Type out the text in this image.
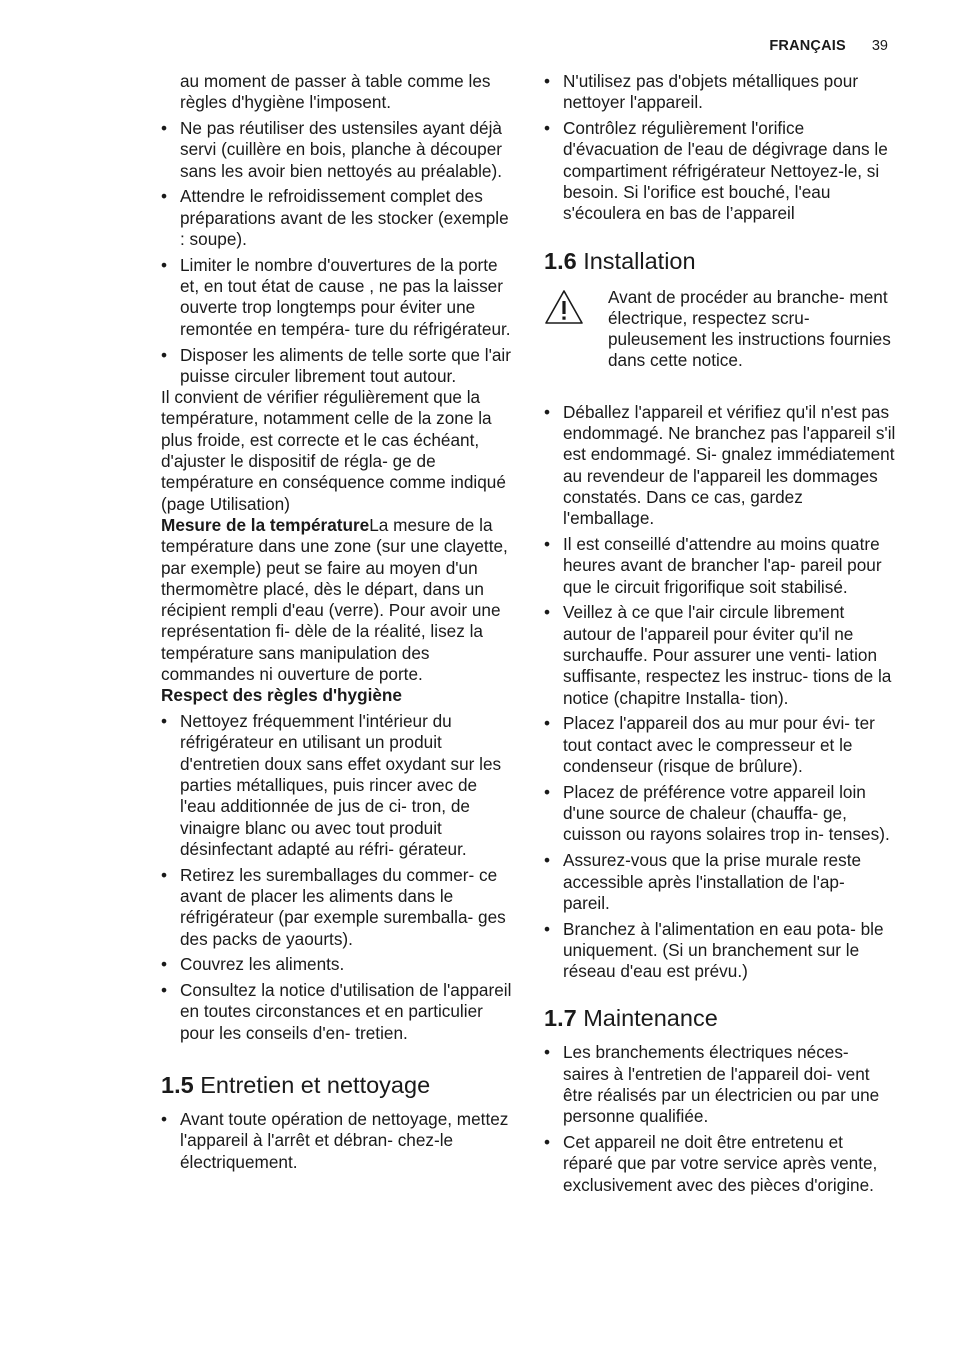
FRANÇAIS 39
au moment de passer à table comme les règles d'hygiène l'imposent.
• Ne pas réutiliser des ustensiles ayant déjà servi (cuillère en bois, planche à découper sans les avoir bien nettoyés au préalable).
• Attendre le refroidissement complet des préparations avant de les stocker (exemple : soupe).
• Limiter le nombre d'ouvertures de la porte et, en tout état de cause , ne pas la laisser ouverte trop longtemps pour éviter une remontée en tempéra- ture du réfrigérateur.
• Disposer les aliments de telle sorte que l'air puisse circuler librement tout autour.

Il convient de vérifier régulièrement que la température, notamment celle de la zone la plus froide, est correcte et le cas échéant, d'ajuster le dispositif de régla- ge de température en conséquence comme indiqué (page Utilisation)

Mesure de la températureLa mesure de la température dans une zone (sur une clayette, par exemple) peut se faire au moyen d'un thermomètre placé, dès le départ, dans un récipient rempli d'eau (verre). Pour avoir une représentation fi- dèle de la réalité, lisez la température sans manipulation des commandes ni ouverture de porte.

Respect des règles d'hygiène

• Nettoyez fréquemment l'intérieur du réfrigérateur en utilisant un produit d'entretien doux sans effet oxydant sur les parties métalliques, puis rincer avec de l'eau additionnée de jus de ci- tron, de vinaigre blanc ou avec tout produit désinfectant adapté au réfri- gérateur.
• Retirez les suremballages du commer- ce avant de placer les aliments dans le réfrigérateur (par exemple suremballa- ges des packs de yaourts).
• Couvrez les aliments.
• Consultez la notice d'utilisation de l'appareil en toutes circonstances et en particulier pour les conseils d'en- tretien.
1.5 Entretien et nettoyage
• Avant toute opération de nettoyage, mettez l'appareil à l'arrêt et débran- chez-le électriquement.
• N'utilisez pas d'objets métalliques pour nettoyer l'appareil.
• Contrôlez régulièrement l'orifice d'évacuation de l'eau de dégivrage dans le compartiment réfrigérateur Nettoyez-le, si besoin. Si l'orifice est bouché, l'eau s'écoulera en bas de l’appareil
1.6 Installation
Avant de procéder au branche- ment électrique, respectez scru- puleusement les instructions fournies dans cette notice.
• Déballez l'appareil et vérifiez qu'il n'est pas endommagé. Ne branchez pas l'appareil s'il est endommagé. Si- gnalez immédiatement au revendeur de l'appareil les dommages constatés. Dans ce cas, gardez l'emballage.
• Il est conseillé d'attendre au moins quatre heures avant de brancher l'ap- pareil pour que le circuit frigorifique soit stabilisé.
• Veillez à ce que l'air circule librement autour de l'appareil pour éviter qu'il ne surchauffe. Pour assurer une venti- lation suffisante, respectez les instruc- tions de la notice (chapitre Installa- tion).
• Placez l'appareil dos au mur pour évi- ter tout contact avec le compresseur et le condenseur (risque de brûlure).
• Placez de préférence votre appareil loin d'une source de chaleur (chauffa- ge, cuisson ou rayons solaires trop in- tenses).
• Assurez-vous que la prise murale reste accessible après l'installation de l'ap- pareil.
• Branchez à l'alimentation en eau pota- ble uniquement. (Si un branchement sur le réseau d'eau est prévu.)
1.7 Maintenance
• Les branchements électriques néces- saires à l'entretien de l'appareil doi- vent être réalisés par un électricien ou par une personne qualifiée.
• Cet appareil ne doit être entretenu et réparé que par votre service après vente, exclusivement avec des pièces d'origine.
